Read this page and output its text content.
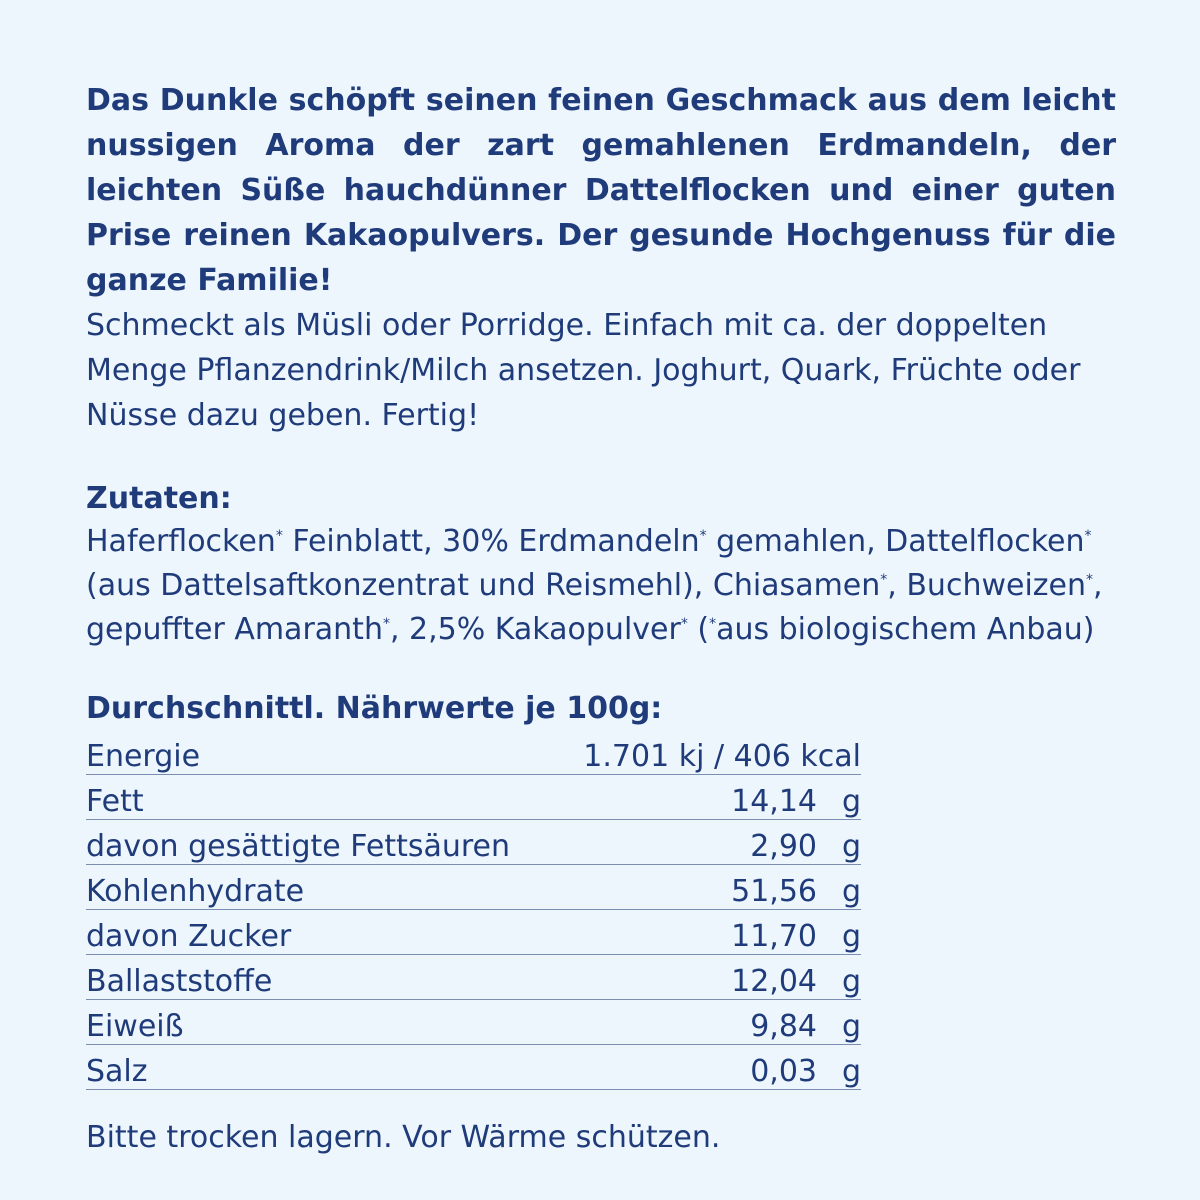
Das Dunkle schöpft seinen feinen Geschmack aus dem leicht nussigen Aroma der zart gemahlenen Erdmandeln, der leichten Süße hauchdünner Dattelflocken und einer guten Prise reinen Kakaopulvers. Der gesunde Hochgenuss für die ganze Familie!
Schmeckt als Müsli oder Porridge. Einfach mit ca. der doppelten Menge Pflanzendrink/Milch ansetzen. Joghurt, Quark, Früchte oder Nüsse dazu geben. Fertig!
Zutaten:
Haferflocken* Feinblatt, 30% Erdmandeln* gemahlen, Dattelflocken* (aus Dattelsaftkonzentrat und Reismehl), Chiasamen*, Buchweizen*, gepuffter Amaranth*, 2,5% Kakaopulver* (*aus biologischem Anbau)
Durchschnittl. Nährwerte je 100g:
Energie	1.701 kj / 406 kcal	
Fett	14,14	g
davon gesättigte Fettsäuren	2,90	g
Kohlenhydrate	51,56	g
davon Zucker	11,70	g
Ballaststoffe	12,04	g
Eiweiß	9,84	g
Salz	0,03	g
Bitte trocken lagern. Vor Wärme schützen.
